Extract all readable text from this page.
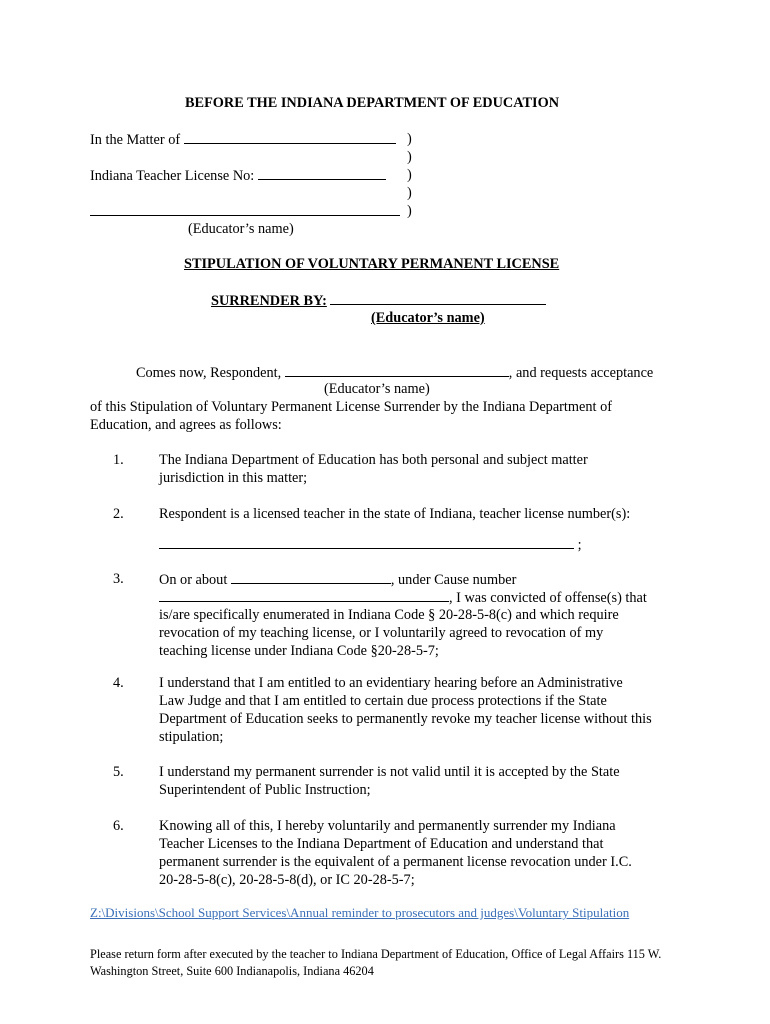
BEFORE THE INDIANA DEPARTMENT OF EDUCATION
In the Matter of
Indiana Teacher License No:
(Educator’s name)
)
)
)
)
)
STIPULATION OF VOLUNTARY PERMANENT LICENSE
SURRENDER BY:
(Educator’s name)
Comes now, Respondent,	, and requests acceptance
(Educator’s name)
of this Stipulation of Voluntary Permanent License Surrender by the Indiana Department of
Education, and agrees as follows:
1. The Indiana Department of Education has both personal and subject matter
jurisdiction in this matter;
2. Respondent is a licensed teacher in the state of Indiana, teacher license number(s):
;
3. On or about	, under Cause number
, I was convicted of offense(s) that
is/are specifically enumerated in Indiana Code § 20-28-5-8(c) and which require
revocation of my teaching license, or I voluntarily agreed to revocation of my
teaching license under Indiana Code §20-28-5-7;
4. I understand that I am entitled to an evidentiary hearing before an Administrative
Law Judge and that I am entitled to certain due process protections if the State
Department of Education seeks to permanently revoke my teacher license without this
stipulation;
5. I understand my permanent surrender is not valid until it is accepted by the State
Superintendent of Public Instruction;
6. Knowing all of this, I hereby voluntarily and permanently surrender my Indiana
Teacher Licenses to the Indiana Department of Education and understand that
permanent surrender is the equivalent of a permanent license revocation under I.C.
20-28-5-8(c), 20-28-5-8(d), or IC 20-28-5-7;
Z:\Divisions\School Support Services\Annual reminder to prosecutors and judges\Voluntary Stipulation
Please return form after executed by the teacher to Indiana Department of Education, Office of Legal Affairs 115 W.
Washington Street, Suite 600 Indianapolis, Indiana 46204
